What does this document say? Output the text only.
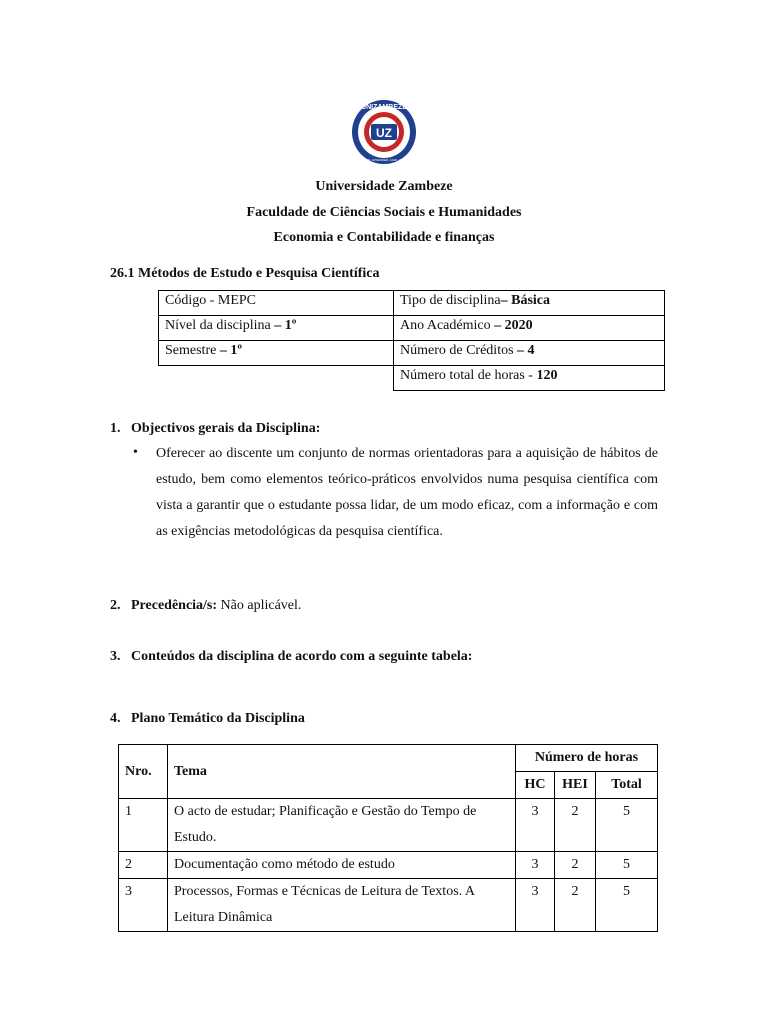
UZ
UNIZAMBEZE
ENSINAR, APRENDER, AGIR, VENCER
Universidade Zambeze
Faculdade de Ciências Sociais e Humanidades
Economia e Contabilidade e finanças
26.1 Métodos de Estudo e Pesquisa Científica
Código - MEPC	Tipo de disciplina– Básica
Nível da disciplina – 1º	Ano Académico – 2020
Semestre – 1º	Número de Créditos – 4
	Número total de horas - 120
1.   Objectivos gerais da Disciplina:
• Oferecer ao discente um conjunto de normas orientadoras para a aquisição de hábitos de estudo, bem como elementos teórico-práticos envolvidos numa pesquisa científica com vista a garantir que o estudante possa lidar, de um modo eficaz, com a informação e com as exigências metodológicas da pesquisa científica.
2.   Precedência/s: Não aplicável.
3.   Conteúdos da disciplina de acordo com a seguinte tabela:
4.   Plano Temático da Disciplina
Nro.	Tema	Número de horas		
		HC	HEI	Total
1	O acto de estudar; Planificação e Gestão do Tempo de Estudo.	3	2	5
2	Documentação como método de estudo	3	2	5
3	Processos, Formas e Técnicas de Leitura de Textos. A Leitura Dinâmica	3	2	5
